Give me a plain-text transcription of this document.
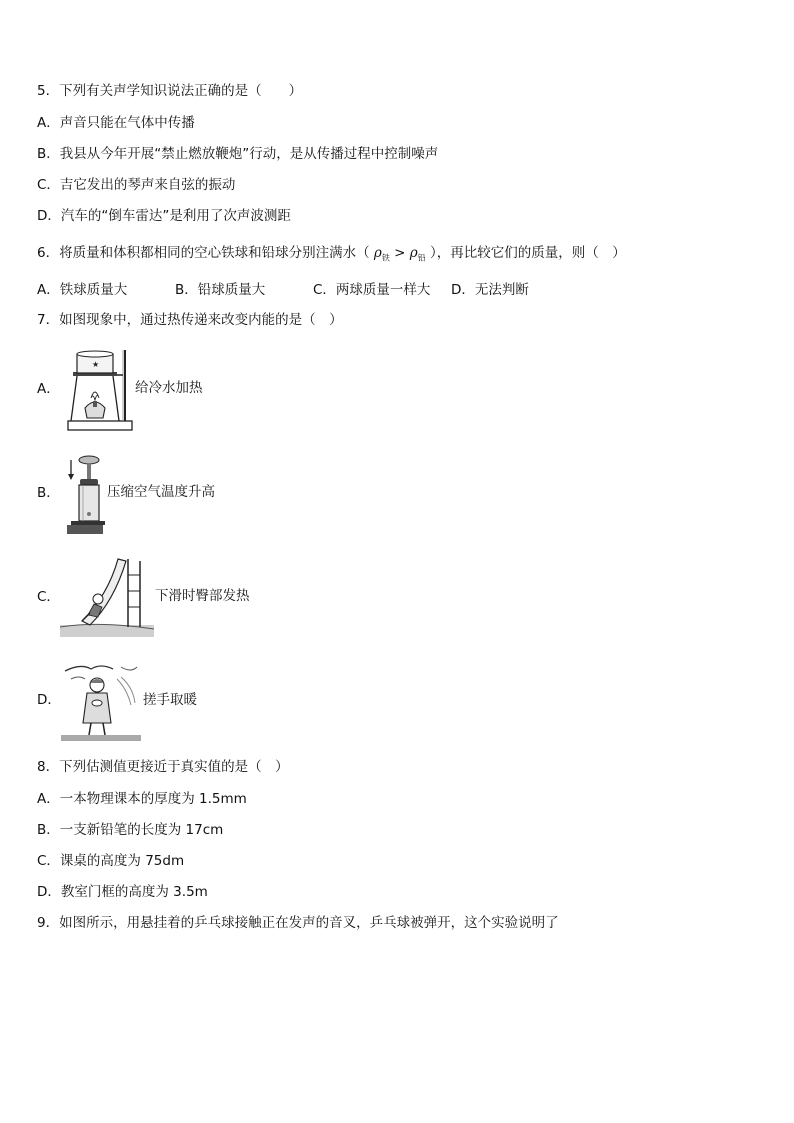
5．下列有关声学知识说法正确的是（　　）
A．声音只能在气体中传播
B．我县从今年开展“禁止燃放鞭炮”行动，是从传播过程中控制噪声
C．吉它发出的琴声来自弦的振动
D．汽车的“倒车雷达”是利用了次声波测距
6．将质量和体积都相同的空心铁球和铅球分别注满水（ $\rho_铁 > \rho_铅$ ），再比较它们的质量，则（　）
A．铁球质量大	B．铅球质量大	C．两球质量一样大 D．无法判断
7．如图现象中，通过热传递来改变内能的是（　）
A．
★
给冷水加热
B．	压缩空气温度升高
C．	下滑时臀部发热
D．	搓手取暖
8．下列估测值更接近于真实值的是（　）
A．一本物理课本的厚度为 1.5mm
B．一支新铅笔的长度为 17cm
C．课桌的高度为 75dm
D．教室门框的高度为 3.5m
9．如图所示，用悬挂着的乒乓球接触正在发声的音叉，乒乓球被弹开，这个实验说明了
